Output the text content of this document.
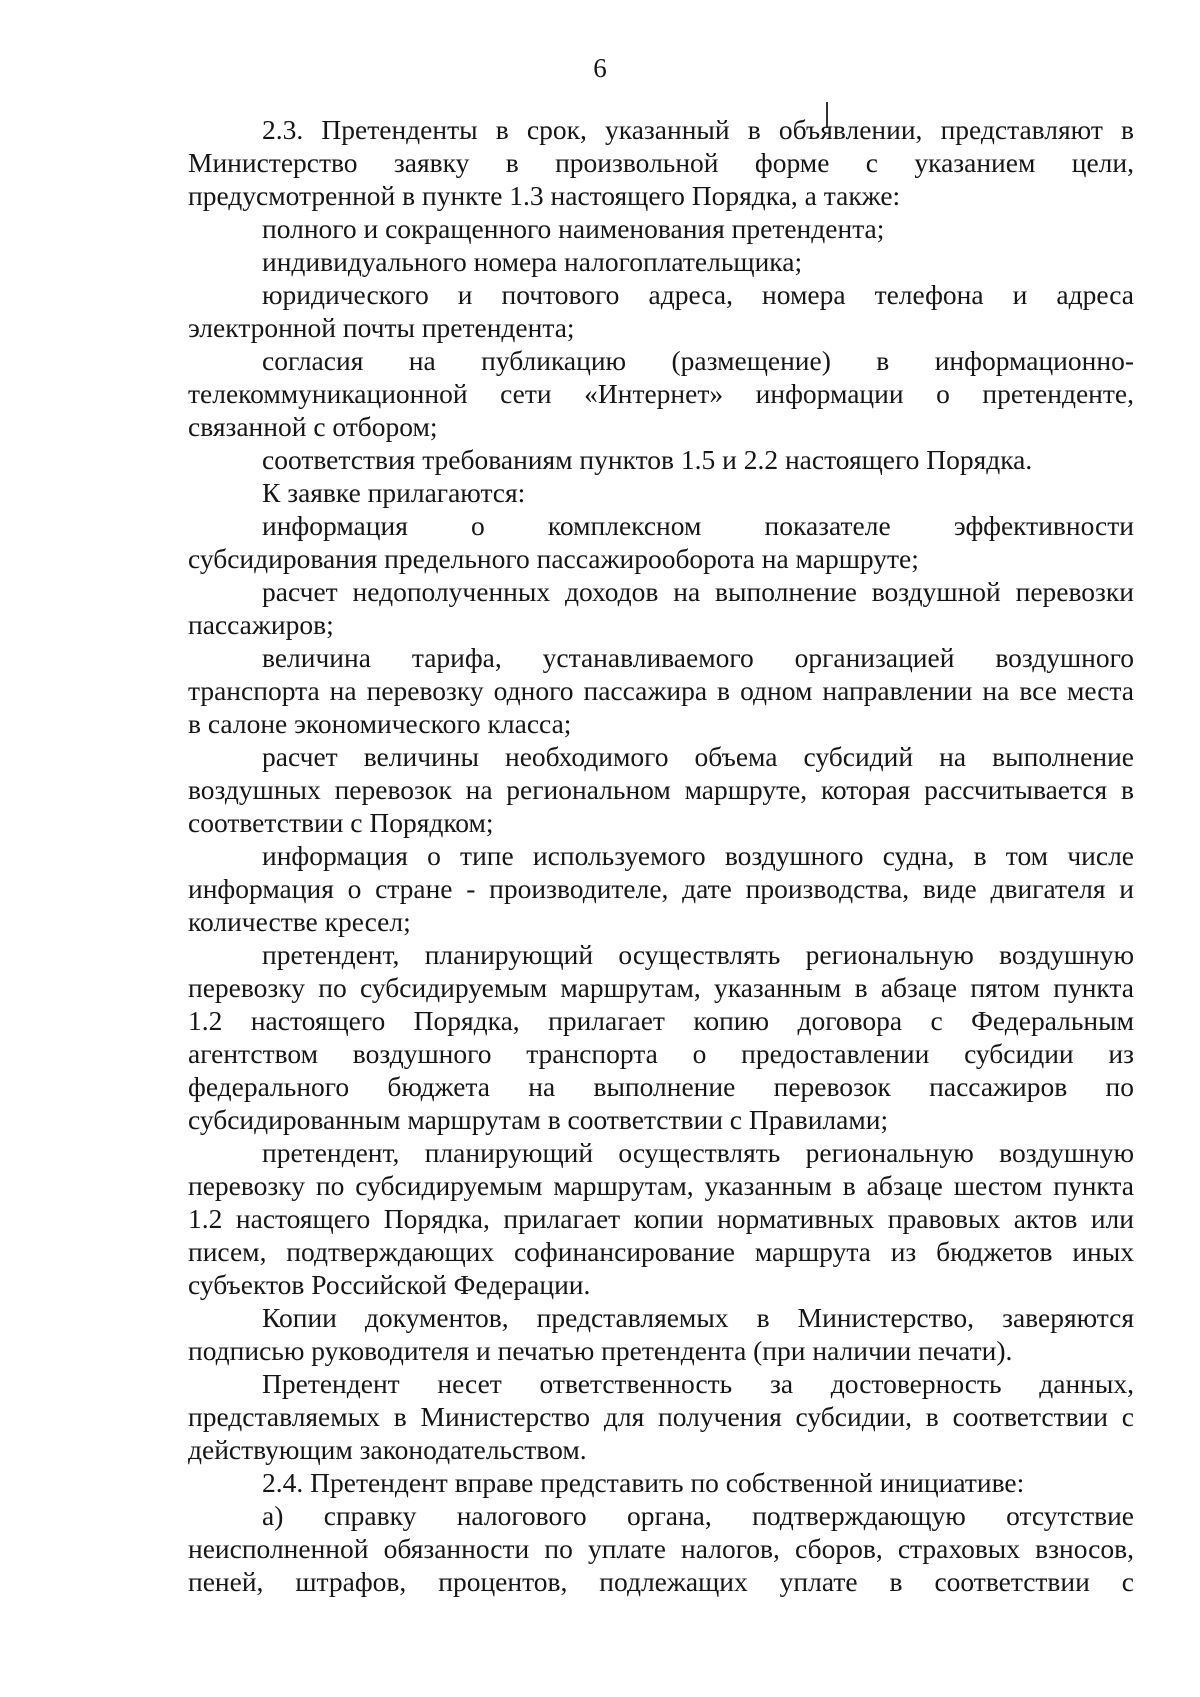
6
2.3. Претенденты в срок, указанный в объявлении, представляют в
Министерство заявку в произвольной форме с указанием цели,
предусмотренной в пункте 1.3 настоящего Порядка, а также:
полного и сокращенного наименования претендента;
индивидуального номера налогоплательщика;
юридического и почтового адреса, номера телефона и адреса
электронной почты претендента;
согласия на публикацию (размещение) в информационно-
телекоммуникационной сети «Интернет» информации о претенденте,
связанной с отбором;
соответствия требованиям пунктов 1.5 и 2.2 настоящего Порядка.
К заявке прилагаются:
информация о комплексном показателе эффективности
субсидирования предельного пассажирооборота на маршруте;
расчет недополученных доходов на выполнение воздушной перевозки
пассажиров;
величина тарифа, устанавливаемого организацией воздушного
транспорта на перевозку одного пассажира в одном направлении на все места
в салоне экономического класса;
расчет величины необходимого объема субсидий на выполнение
воздушных перевозок на региональном маршруте, которая рассчитывается в
соответствии с Порядком;
информация о типе используемого воздушного судна, в том числе
информация о стране - производителе, дате производства, виде двигателя и
количестве кресел;
претендент, планирующий осуществлять региональную воздушную
перевозку по субсидируемым маршрутам, указанным в абзаце пятом пункта
1.2 настоящего Порядка, прилагает копию договора с Федеральным
агентством воздушного транспорта о предоставлении субсидии из
федерального бюджета на выполнение перевозок пассажиров по
субсидированным маршрутам в соответствии с Правилами;
претендент, планирующий осуществлять региональную воздушную
перевозку по субсидируемым маршрутам, указанным в абзаце шестом пункта
1.2 настоящего Порядка, прилагает копии нормативных правовых актов или
писем, подтверждающих софинансирование маршрута из бюджетов иных
субъектов Российской Федерации.
Копии документов, представляемых в Министерство, заверяются
подписью руководителя и печатью претендента (при наличии печати).
Претендент несет ответственность за достоверность данных,
представляемых в Министерство для получения субсидии, в соответствии с
действующим законодательством.
2.4. Претендент вправе представить по собственной инициативе:
а) справку налогового органа, подтверждающую отсутствие
неисполненной обязанности по уплате налогов, сборов, страховых взносов,
пеней, штрафов, процентов, подлежащих уплате в соответствии с
